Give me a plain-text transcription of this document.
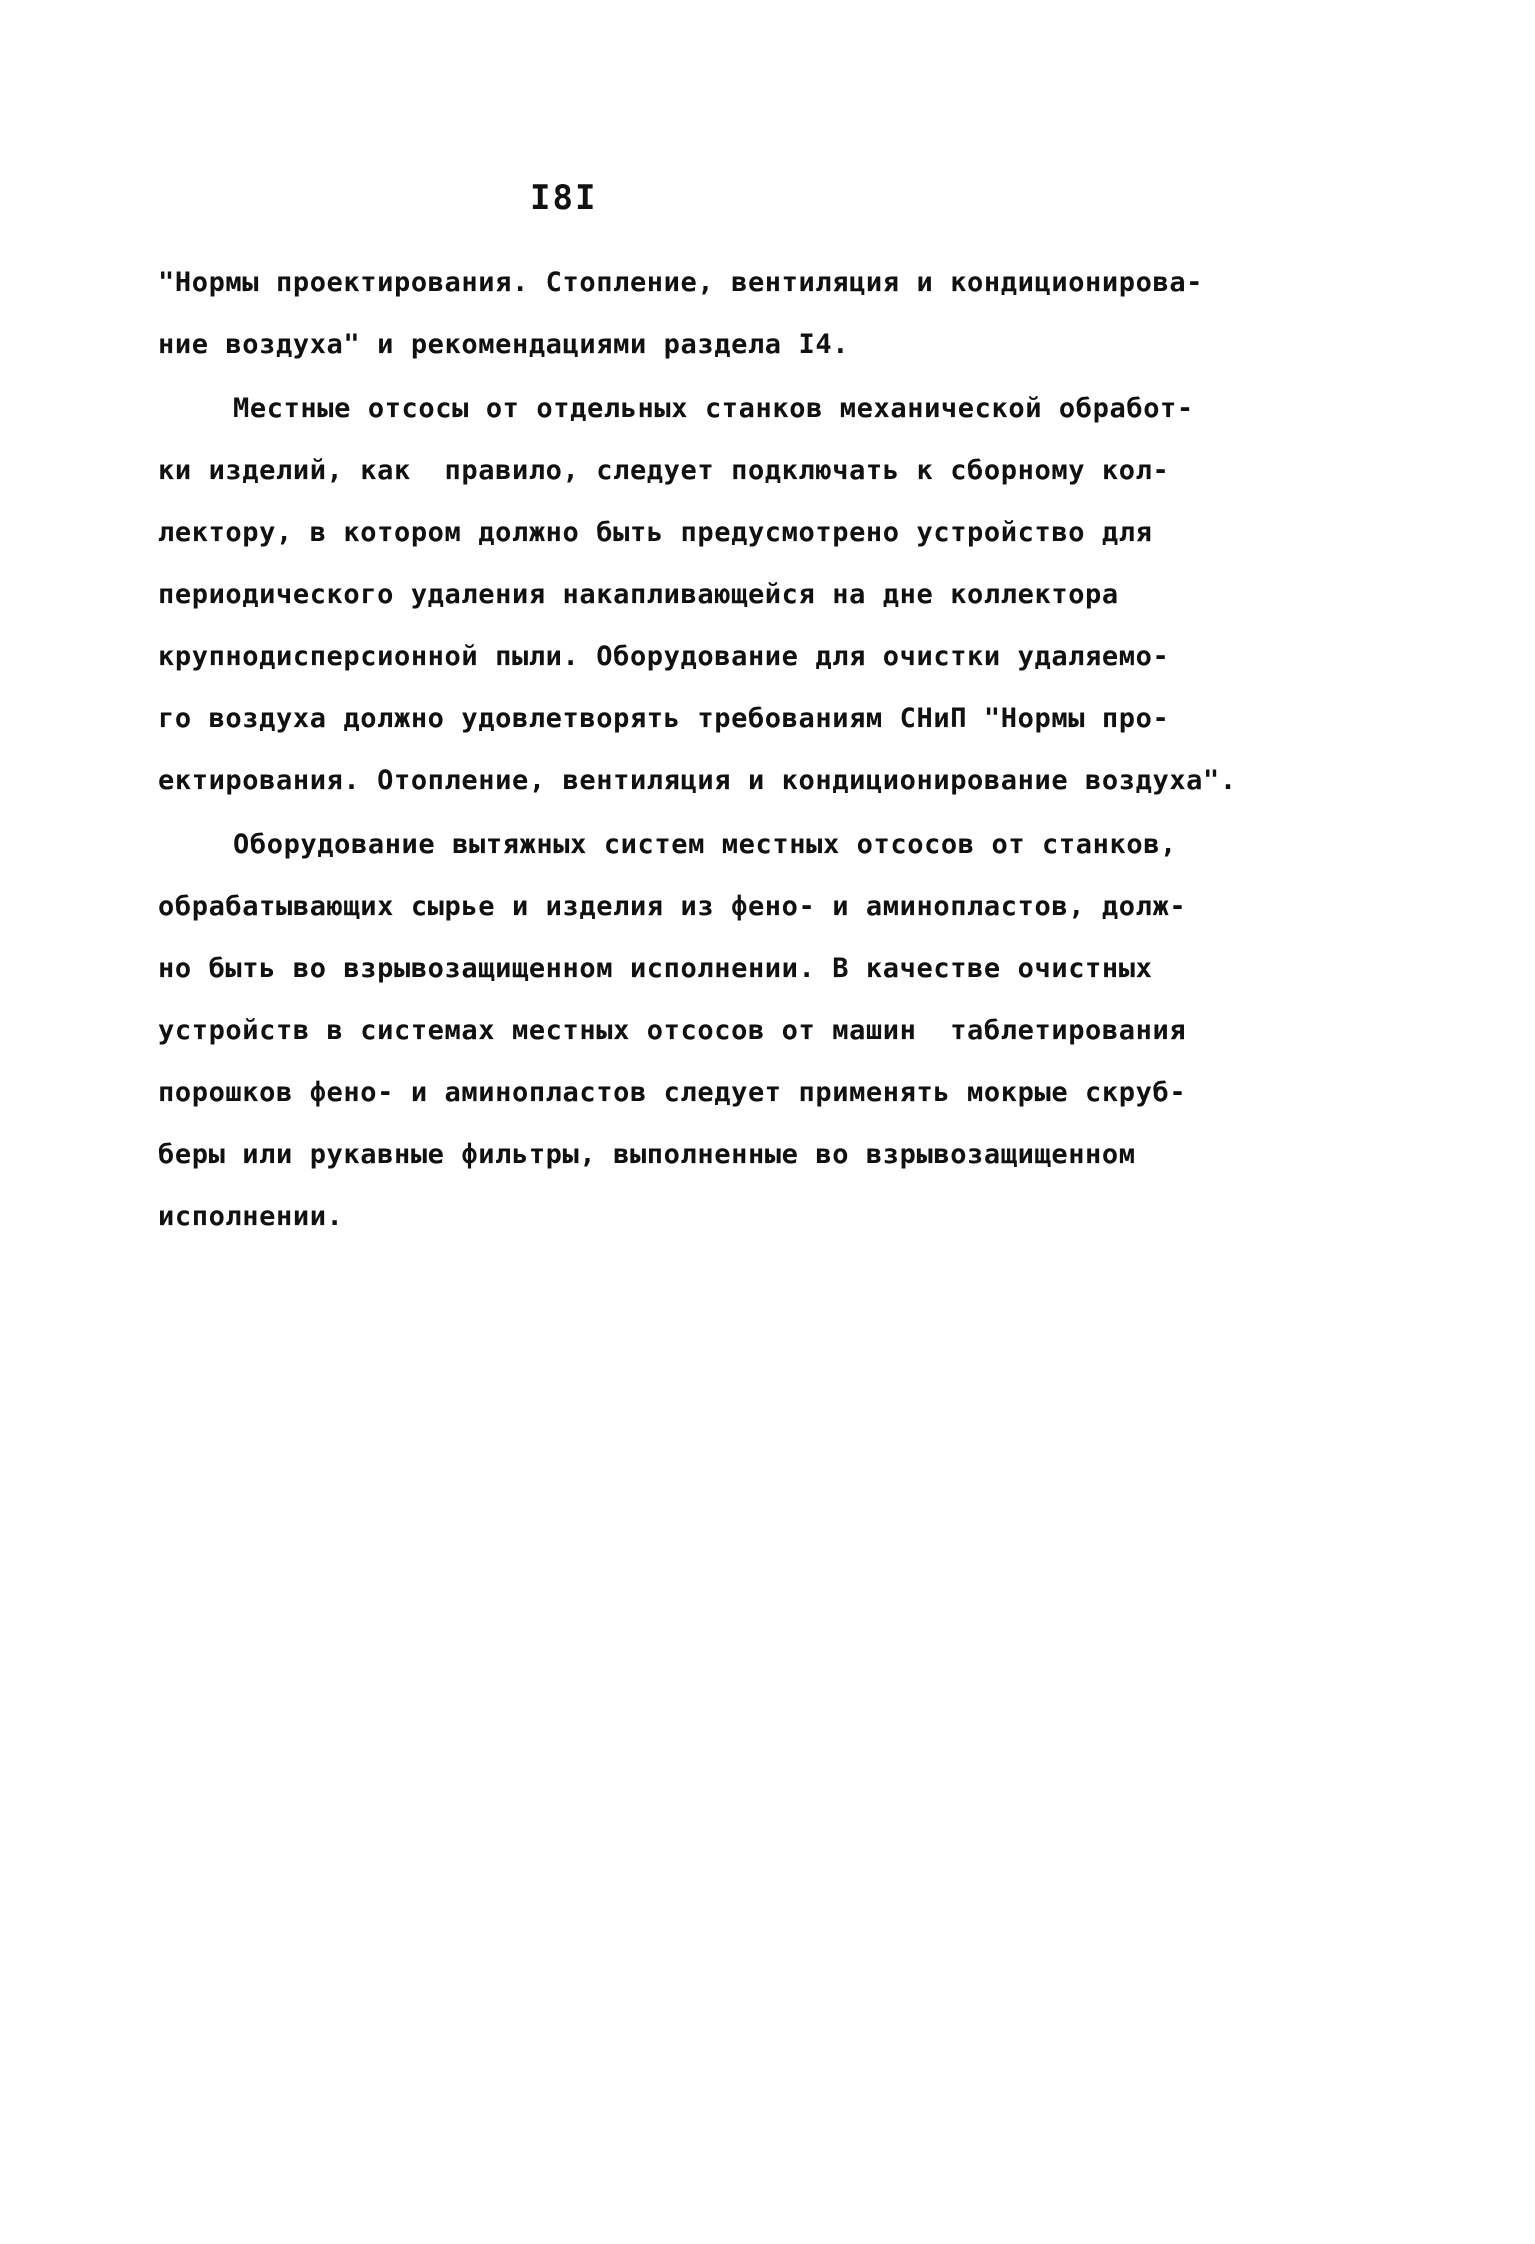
I8I
"Нормы проектирования. Стопление, вентиляция и кондиционирова-
ние воздуха" и рекомендациями раздела I4.
Местные отсосы от отдельных станков механической обработ-
ки изделий, как  правило, следует подключать к сборному кол-
лектору, в котором должно быть предусмотрено устройство для
периодического удаления накапливающейся на дне коллектора
крупнодисперсионной пыли. Оборудование для очистки удаляемо-
го воздуха должно удовлетворять требованиям СНиП "Нормы про-
ектирования. Отопление, вентиляция и кондиционирование воздуха".
Оборудование вытяжных систем местных отсосов от станков,
обрабатывающих сырье и изделия из фено- и аминопластов, долж-
но быть во взрывозащищенном исполнении. В качестве очистных
устройств в системах местных отсосов от машин  таблетирования
порошков фено- и аминопластов следует применять мокрые скруб-
беры или рукавные фильтры, выполненные во взрывозащищенном
исполнении.
